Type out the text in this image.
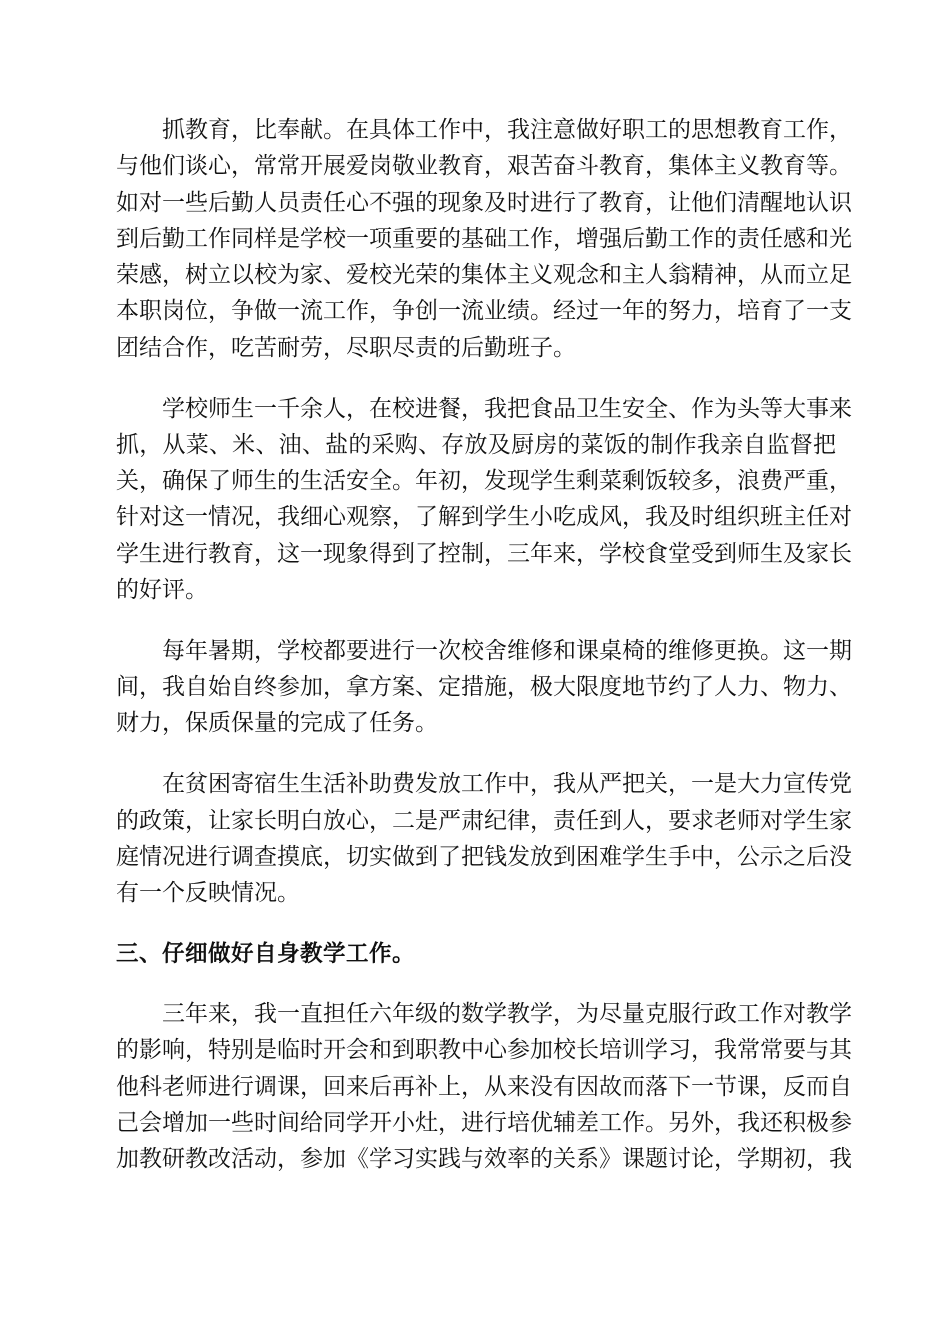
抓教育，比奉献。在具体工作中，我注意做好职工的思想教育工作，
与他们谈心，常常开展爱岗敬业教育，艰苦奋斗教育，集体主义教育等。
如对一些后勤人员责任心不强的现象及时进行了教育，让他们清醒地认识
到后勤工作同样是学校一项重要的基础工作，增强后勤工作的责任感和光
荣感，树立以校为家、爱校光荣的集体主义观念和主人翁精神，从而立足
本职岗位，争做一流工作，争创一流业绩。经过一年的努力，培育了一支
团结合作，吃苦耐劳，尽职尽责的后勤班子。
学校师生一千余人，在校进餐，我把食品卫生安全、作为头等大事来
抓，从菜、米、油、盐的采购、存放及厨房的菜饭的制作我亲自监督把
关，确保了师生的生活安全。年初，发现学生剩菜剩饭较多，浪费严重，
针对这一情况，我细心观察，了解到学生小吃成风，我及时组织班主任对
学生进行教育，这一现象得到了控制，三年来，学校食堂受到师生及家长
的好评。
每年暑期，学校都要进行一次校舍维修和课桌椅的维修更换。这一期
间，我自始自终参加，拿方案、定措施，极大限度地节约了人力、物力、
财力，保质保量的完成了任务。
在贫困寄宿生生活补助费发放工作中，我从严把关，一是大力宣传党
的政策，让家长明白放心，二是严肃纪律，责任到人，要求老师对学生家
庭情况进行调查摸底，切实做到了把钱发放到困难学生手中，公示之后没
有一个反映情况。
三、仔细做好自身教学工作。
三年来，我一直担任六年级的数学教学，为尽量克服行政工作对教学
的影响，特别是临时开会和到职教中心参加校长培训学习，我常常要与其
他科老师进行调课，回来后再补上，从来没有因故而落下一节课，反而自
己会增加一些时间给同学开小灶，进行培优辅差工作。另外，我还积极参
加教研教改活动，参加《学习实践与效率的关系》课题讨论，学期初，我
